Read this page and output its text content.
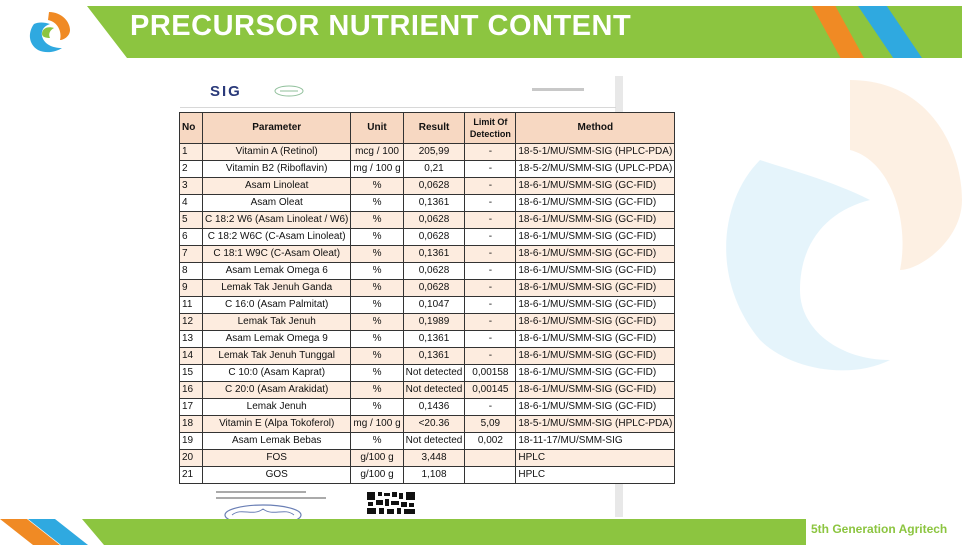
PRECURSOR NUTRIENT CONTENT
SIG
No	Parameter	Unit	Result	Limit Of Detection	Method
1	Vitamin A (Retinol)	mcg / 100	205,99	-	18-5-1/MU/SMM-SIG (HPLC-PDA)
2	Vitamin B2 (Riboflavin)	mg / 100 g	0,21	-	18-5-2/MU/SMM-SIG (UPLC-PDA)
3	Asam Linoleat	%	0,0628	-	18-6-1/MU/SMM-SIG (GC-FID)
4	Asam Oleat	%	0,1361	-	18-6-1/MU/SMM-SIG (GC-FID)
5	C 18:2 W6 (Asam Linoleat / W6)	%	0,0628	-	18-6-1/MU/SMM-SIG (GC-FID)
6	C 18:2 W6C (C-Asam Linoleat)	%	0,0628	-	18-6-1/MU/SMM-SIG (GC-FID)
7	C 18:1 W9C (C-Asam Oleat)	%	0,1361	-	18-6-1/MU/SMM-SIG (GC-FID)
8	Asam Lemak Omega 6	%	0,0628	-	18-6-1/MU/SMM-SIG (GC-FID)
9	Lemak Tak Jenuh Ganda	%	0,0628	-	18-6-1/MU/SMM-SIG (GC-FID)
11	C 16:0 (Asam Palmitat)	%	0,1047	-	18-6-1/MU/SMM-SIG (GC-FID)
12	Lemak Tak Jenuh	%	0,1989	-	18-6-1/MU/SMM-SIG (GC-FID)
13	Asam Lemak Omega 9	%	0,1361	-	18-6-1/MU/SMM-SIG (GC-FID)
14	Lemak Tak Jenuh Tunggal	%	0,1361	-	18-6-1/MU/SMM-SIG (GC-FID)
15	C 10:0 (Asam Kaprat)	%	Not detected	0,00158	18-6-1/MU/SMM-SIG (GC-FID)
16	C 20:0 (Asam Arakidat)	%	Not detected	0,00145	18-6-1/MU/SMM-SIG (GC-FID)
17	Lemak Jenuh	%	0,1436	-	18-6-1/MU/SMM-SIG (GC-FID)
18	Vitamin E (Alpa Tokoferol)	mg / 100 g	<20.36	5,09	18-5-1/MU/SMM-SIG (HPLC-PDA)
19	Asam Lemak Bebas	%	Not detected	0,002	18-11-17/MU/SMM-SIG
20	FOS	g/100 g	3,448		HPLC
21	GOS	g/100 g	1,108		HPLC
5th Generation Agritech
